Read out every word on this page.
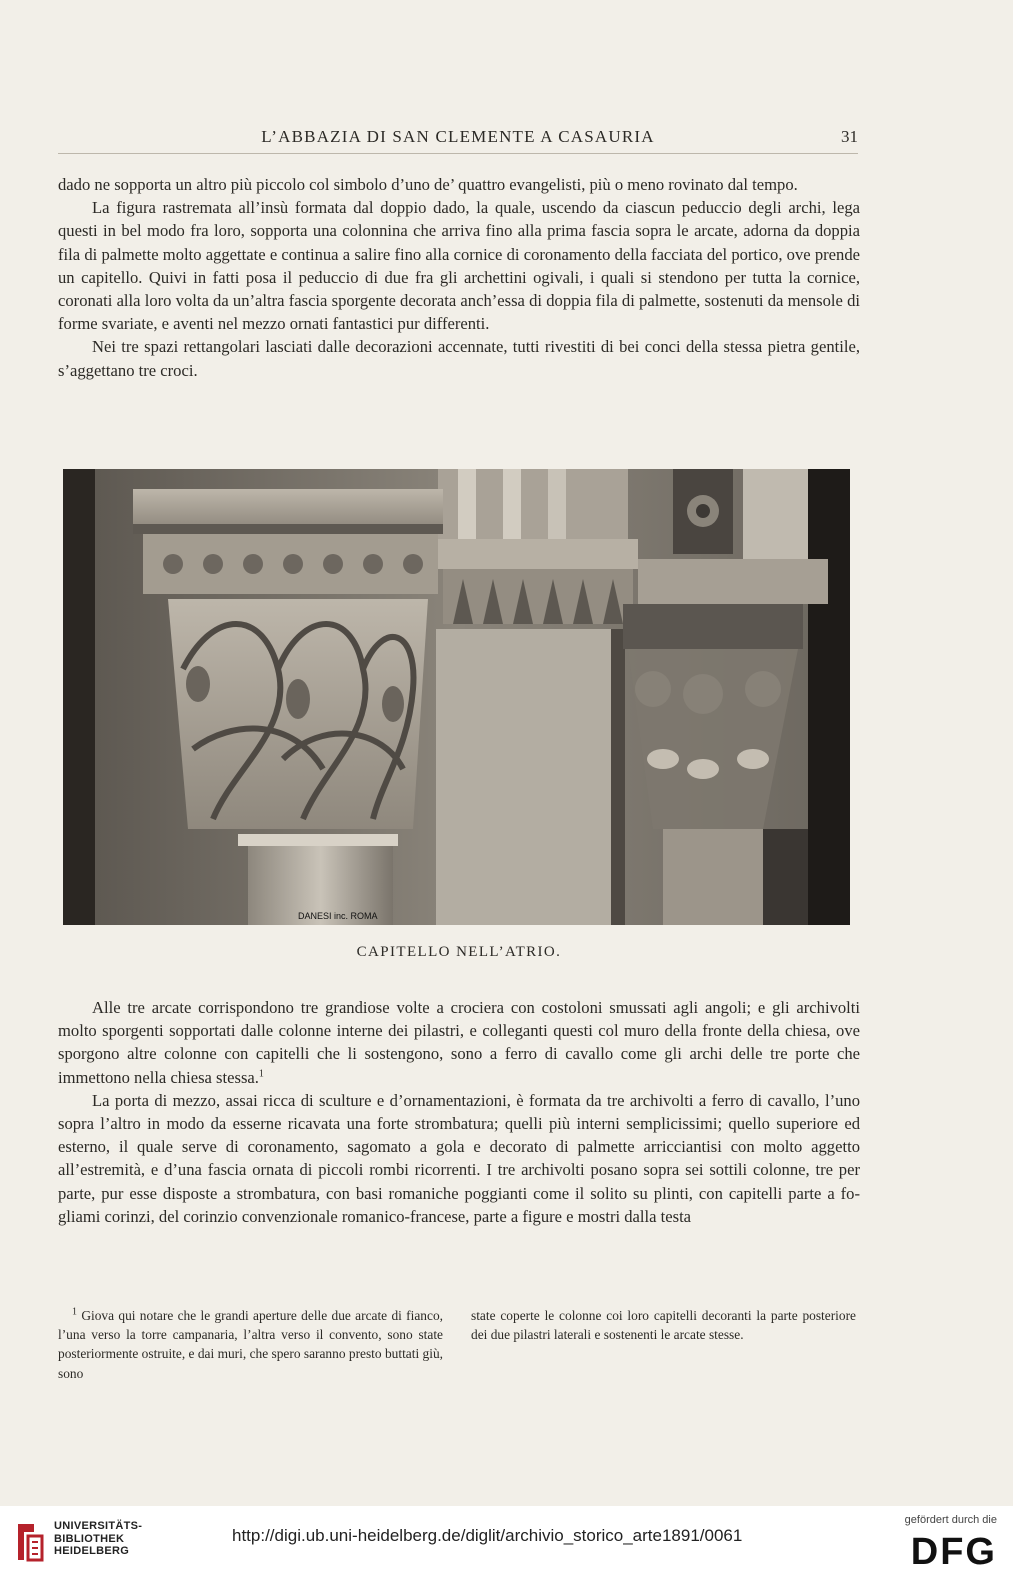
L’ABBAZIA DI SAN CLEMENTE A CASAURIA	31

dado ne sopporta un altro più piccolo col simbolo d’uno de’ quattro evangelisti, più o meno rovinato dal tempo.

La figura rastremata all’insù formata dal doppio dado, la quale, uscendo da ciascun peduccio degli archi, lega questi in bel modo fra loro, sopporta una colonnina che arriva fino alla prima fascia sopra le arcate, adorna da doppia fila di palmette molto aggettate e continua a salire fino alla cornice di coronamento della facciata del portico, ove prende un capitello. Quivi in fatti posa il peduccio di due fra gli archettini ogivali, i quali si stendono per tutta la cornice, coronati alla loro volta da un’altra fascia sporgente decorata anch’essa di doppia fila di palmette, sostenuti da mensole di forme svariate, e aventi nel mezzo ornati fantastici pur differenti.

Nei tre spazi rettangolari lasciati dalle decorazioni accennate, tutti rivestiti di bei conci della stessa pietra gentile, s’aggettano tre croci.

DANESI inc. ROMA
CAPITELLO NELL’ATRIO.

Alle tre arcate corrispondono tre grandiose volte a crociera con costoloni smussati agli angoli; e gli archivolti molto sporgenti sopportati dalle colonne interne dei pilastri, e colleganti questi col muro della fronte della chiesa, ove sporgono altre colonne con capitelli che li sostengono, sono a ferro di cavallo come gli archi delle tre porte che immettono nella chiesa stessa.$^1$

La porta di mezzo, assai ricca di sculture e d’ornamentazioni, è formata da tre archivolti a ferro di cavallo, l’uno sopra l’altro in modo da esserne ricavata una forte strombatura; quelli più interni semplicissimi; quello superiore ed esterno, il quale serve di coronamento, sagomato a gola e decorato di palmette arricciantisi con molto aggetto all’estremità, e d’una fascia ornata di piccoli rombi ricorrenti. I tre archivolti posano sopra sei sottili colonne, tre per parte, pur esse disposte a strombatura, con basi romaniche poggianti come il solito su plinti, con capitelli parte a fogliami corinzi, del corinzio convenzionale romanico-francese, parte a figure e mostri dalla testa

$^1$ Giova qui notare che le grandi aperture delle due arcate di fianco, l’una verso la torre campanaria, l’altra verso il convento, sono state posteriormente ostruite, e dai muri, che spero saranno presto buttati giù, sono

state coperte le colonne coi loro capitelli decoranti la parte posteriore dei due pilastri laterali e sostenenti le arcate stesse.

UNIVERSITÄTS-
BIBLIOTHEK
HEIDELBERG
http://digi.ub.uni-heidelberg.de/diglit/archivio_storico_arte1891/0061
gefördert durch die
DFG
